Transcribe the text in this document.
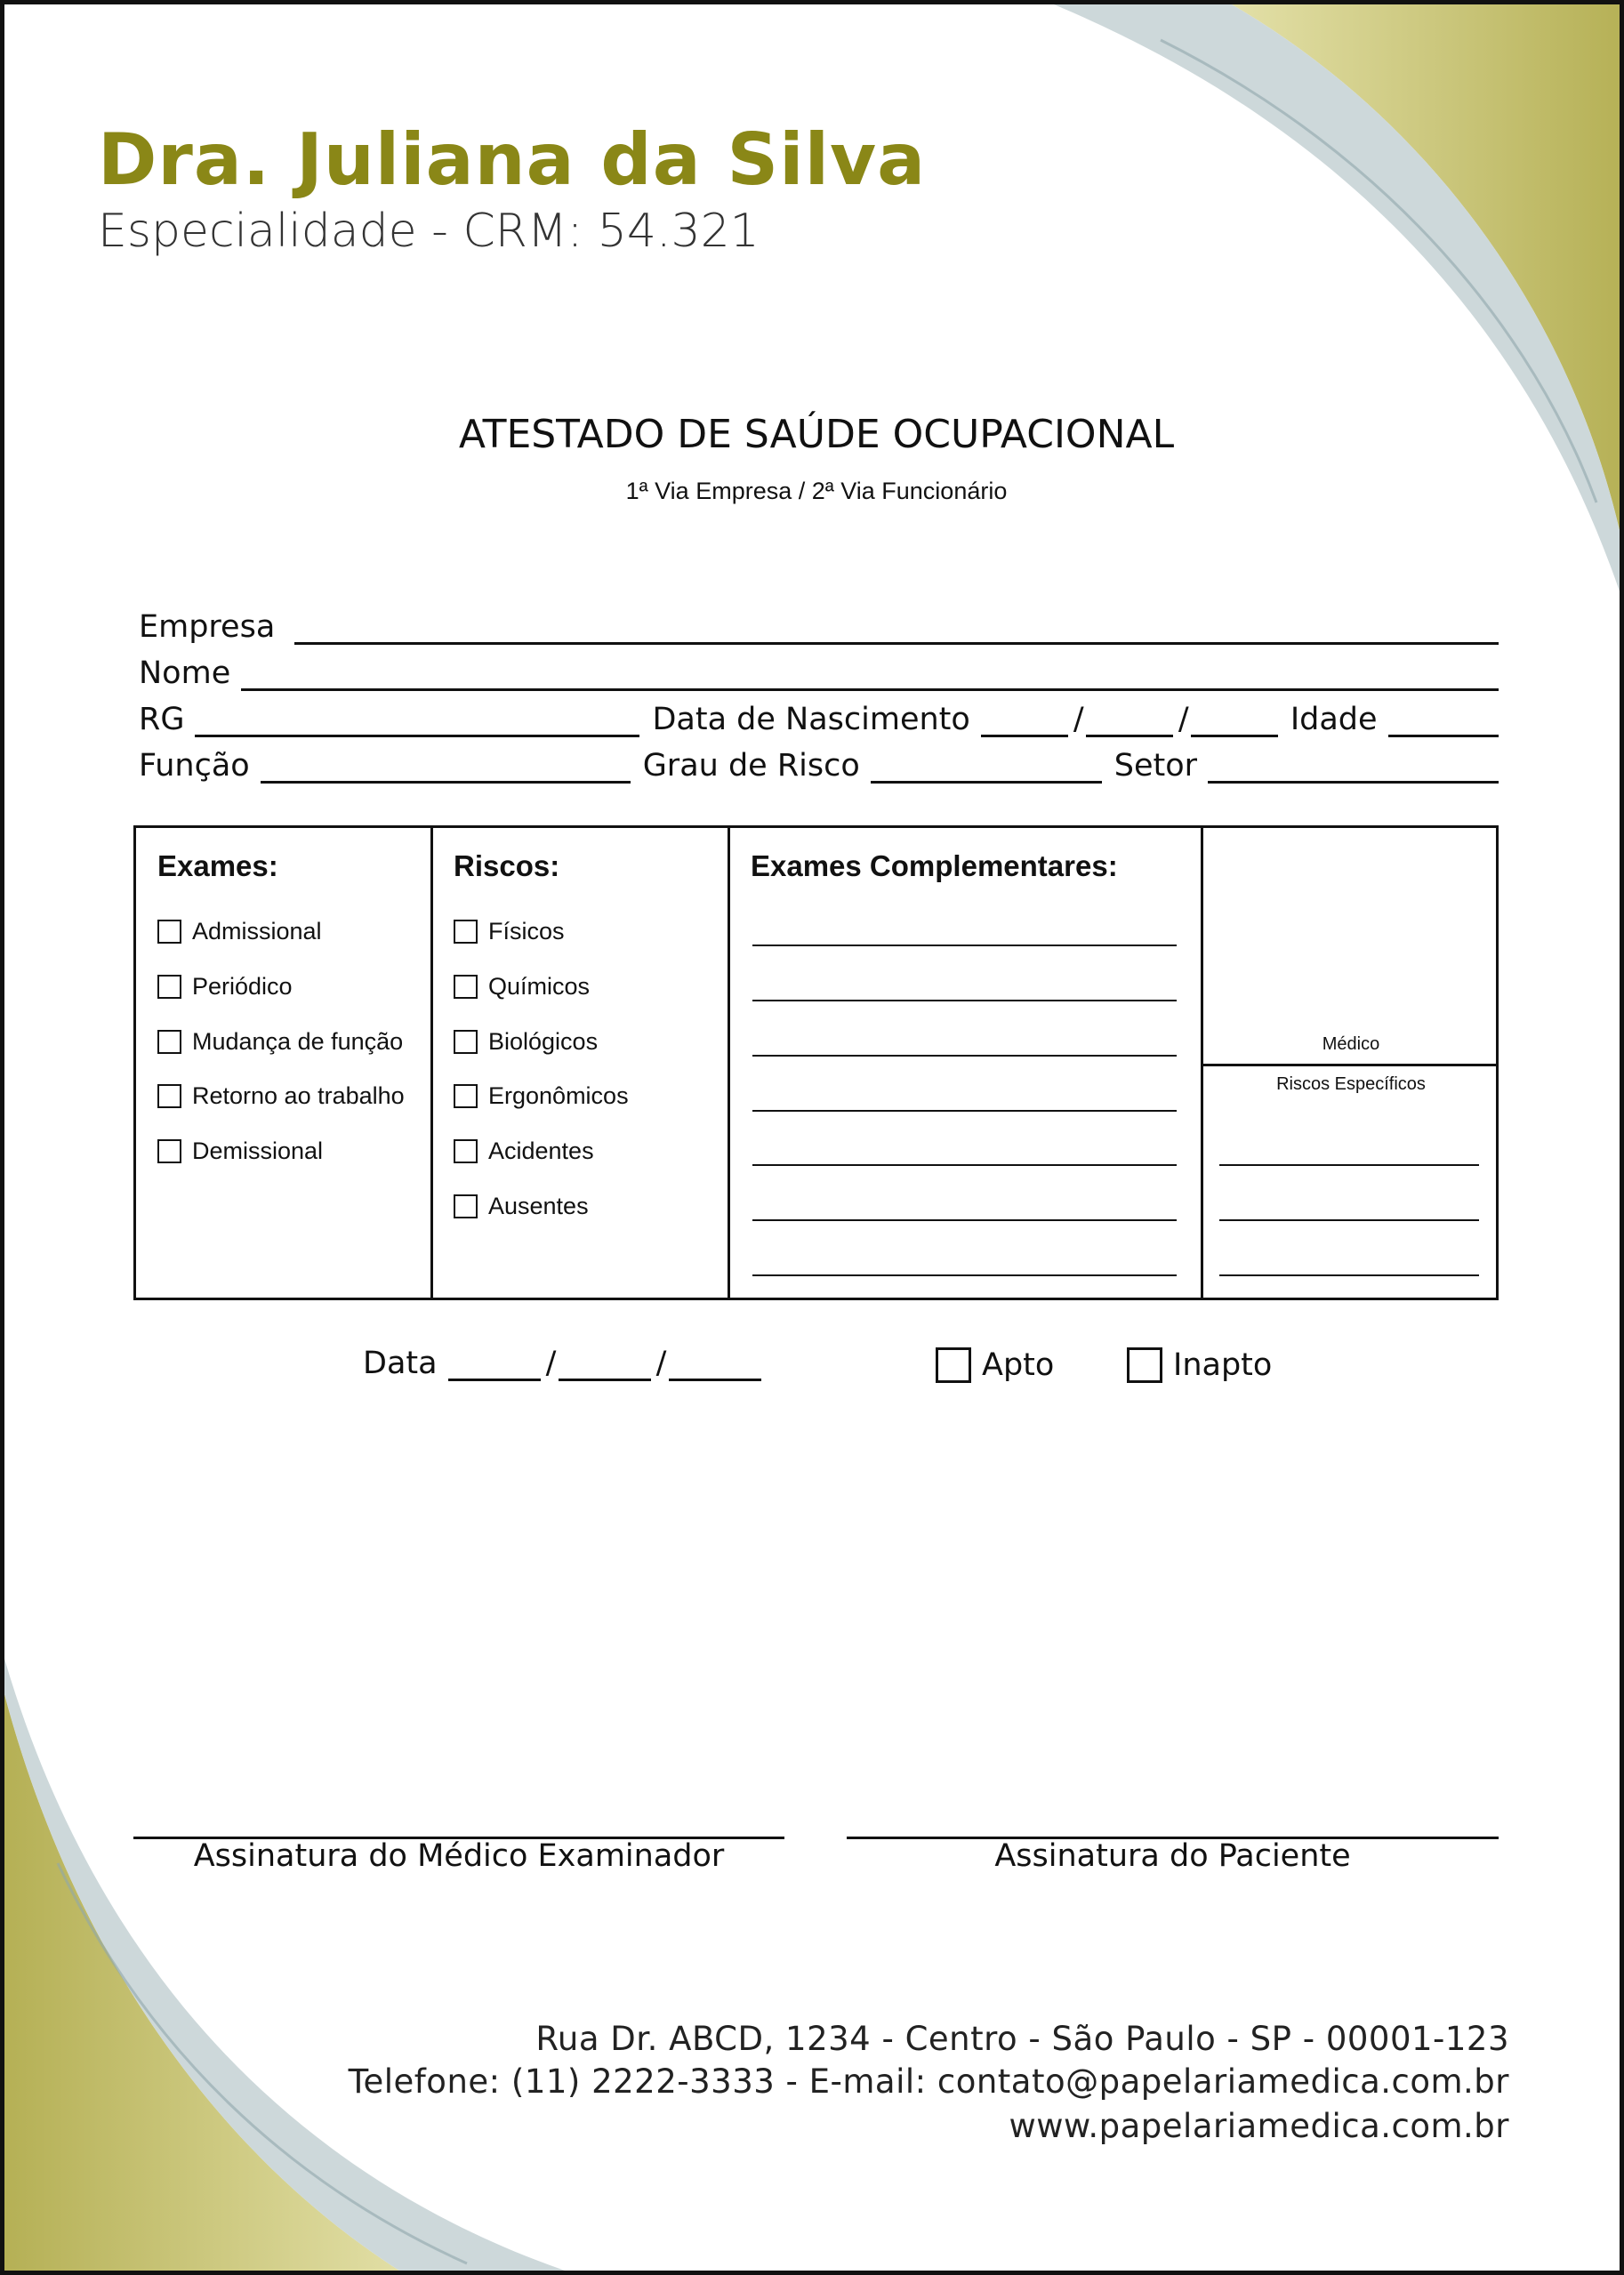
Dra. Juliana da Silva
Especialidade - CRM: 54.321
ATESTADO DE SAÚDE OCUPACIONAL
1ª Via Empresa / 2ª Via Funcionário
Empresa
Nome
RG	Data de Nascimento	/	/	Idade
Função	Grau de Risco	Setor
Exames:
Admissional
Periódico
Mudança de função
Retorno ao trabalho
Demissional
Riscos:
Físicos
Químicos
Biológicos
Ergonômicos
Acidentes
Ausentes
Exames Complementares:
Médico
Riscos Específicos
Data	/	/	Apto	Inapto
Assinatura do Médico Examinador	Assinatura do Paciente
Rua Dr. ABCD, 1234 - Centro - São Paulo - SP - 00001-123
Telefone: (11) 2222-3333 - E-mail: contato@papelariamedica.com.br
www.papelariamedica.com.br
